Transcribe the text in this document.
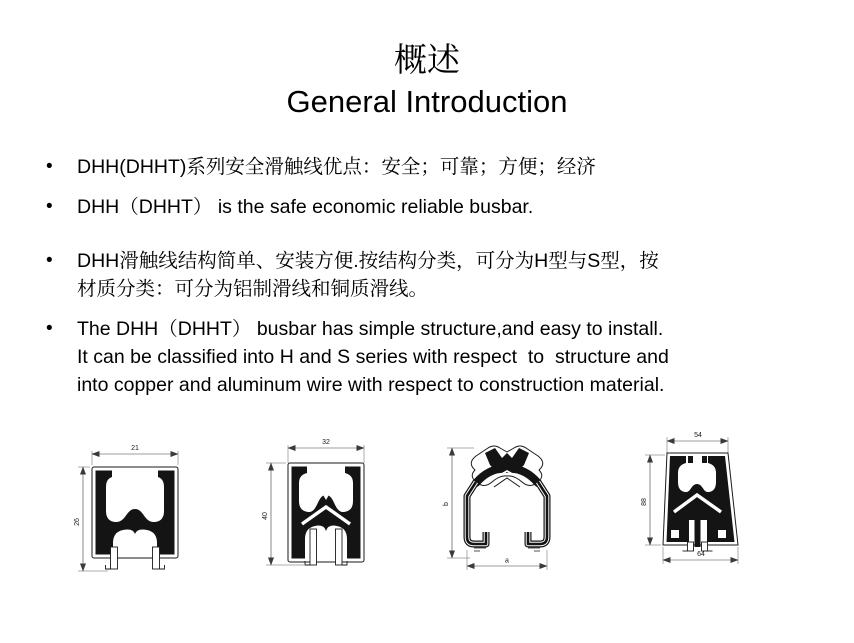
概述
General Introduction
•	DHH(DHHT)系列安全滑触线优点：安全；可靠；方便；经济
•	DHH（DHHT） is the safe economic reliable busbar.
•	DHH滑触线结构简单、安装方便.按结构分类，可分为H型与S型，按
材质分类：可分为铝制滑线和铜质滑线。
•	The DHH（DHHT） busbar has simple structure,and easy to install.
It can be classified into H and S series with respect  to  structure and
into copper and aluminum wire with respect to construction material.
21
26
32
40
b
a
54
88
64
